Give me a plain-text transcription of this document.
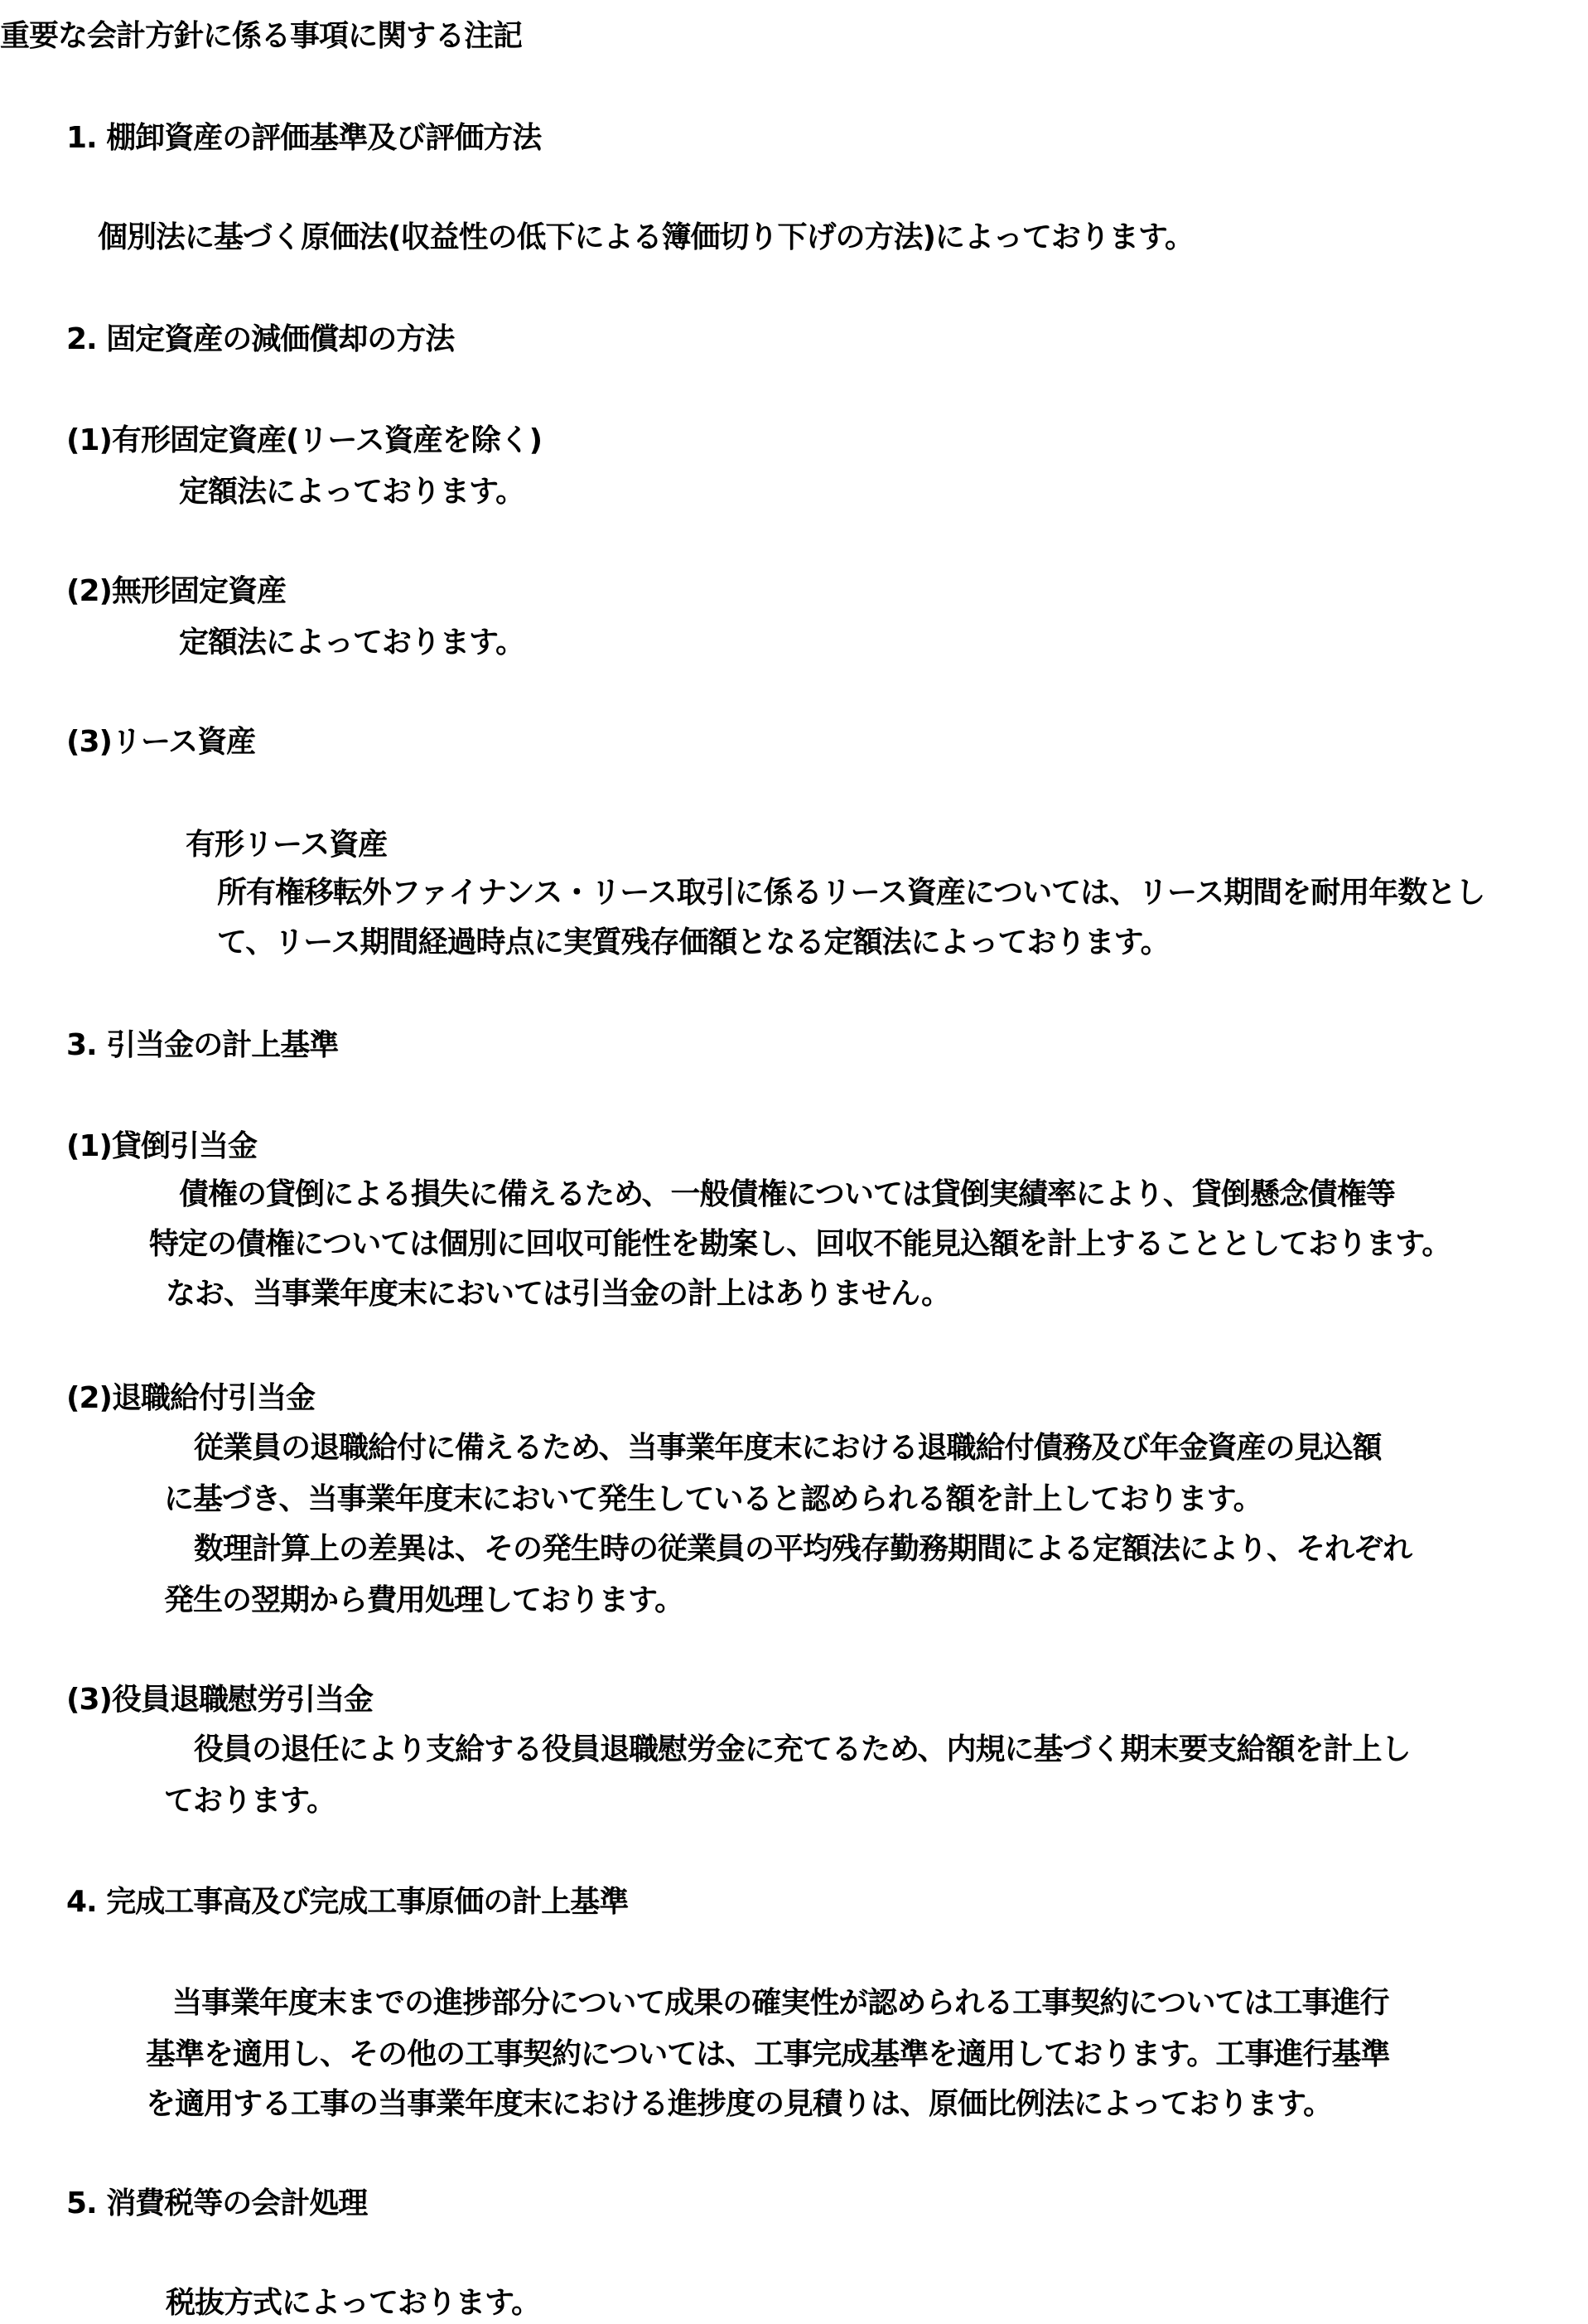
重要な会計方針に係る事項に関する注記

1. 棚卸資産の評価基準及び評価方法

個別法に基づく原価法(収益性の低下による簿価切り下げの方法)によっております。

2. 固定資産の減価償却の方法

(1)有形固定資産(リース資産を除く)

定額法によっております。

(2)無形固定資産

定額法によっております。

(3)リース資産

有形リース資産

所有権移転外ファイナンス・リース取引に係るリース資産については、リース期間を耐用年数とし

て、リース期間経過時点に実質残存価額となる定額法によっております。

3. 引当金の計上基準

(1)貸倒引当金

債権の貸倒による損失に備えるため、一般債権については貸倒実績率により、貸倒懸念債権等

特定の債権については個別に回収可能性を勘案し、回収不能見込額を計上することとしております。

なお、当事業年度末においては引当金の計上はありません。

(2)退職給付引当金

従業員の退職給付に備えるため、当事業年度末における退職給付債務及び年金資産の見込額

に基づき、当事業年度末において発生していると認められる額を計上しております。

数理計算上の差異は、その発生時の従業員の平均残存勤務期間による定額法により、それぞれ

発生の翌期から費用処理しております。

(3)役員退職慰労引当金

役員の退任により支給する役員退職慰労金に充てるため、内規に基づく期末要支給額を計上し

ております。

4. 完成工事高及び完成工事原価の計上基準

当事業年度末までの進捗部分について成果の確実性が認められる工事契約については工事進行

基準を適用し、その他の工事契約については、工事完成基準を適用しております。工事進行基準

を適用する工事の当事業年度末における進捗度の見積りは、原価比例法によっております。

5. 消費税等の会計処理

税抜方式によっております。
